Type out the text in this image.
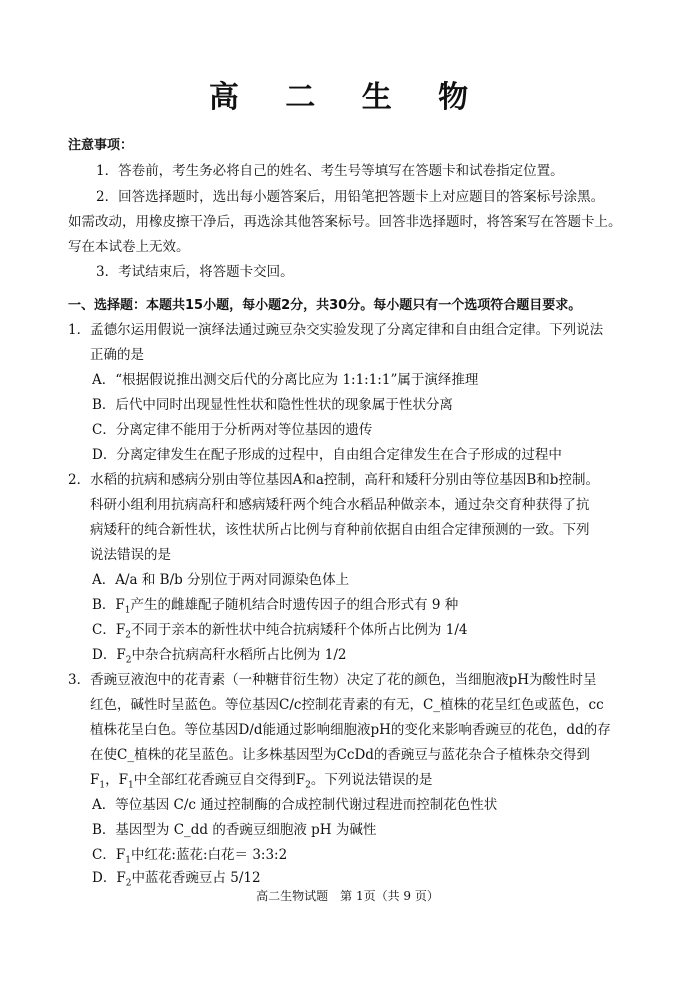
高 二 生 物
注意事项：
1．答卷前，考生务必将自己的姓名、考生号等填写在答题卡和试卷指定位置。
2．回答选择题时，选出每小题答案后，用铅笔把答题卡上对应题目的答案标号涂黑。
如需改动，用橡皮擦干净后，再选涂其他答案标号。回答非选择题时，将答案写在答题卡上。
写在本试卷上无效。
3．考试结束后，将答题卡交回。
一、选择题：本题共15小题，每小题2分，共30分。每小题只有一个选项符合题目要求。
1．孟德尔运用假说一演绎法通过豌豆杂交实验发现了分离定律和自由组合定律。下列说法
正确的是
A．“根据假说推出测交后代的分离比应为 1:1:1:1”属于演绎推理
B．后代中同时出现显性性状和隐性性状的现象属于性状分离
C．分离定律不能用于分析两对等位基因的遗传
D．分离定律发生在配子形成的过程中，自由组合定律发生在合子形成的过程中
2．水稻的抗病和感病分别由等位基因A和a控制，高秆和矮秆分别由等位基因B和b控制。
科研小组利用抗病高秆和感病矮秆两个纯合水稻品种做亲本，通过杂交育种获得了抗
病矮秆的纯合新性状，该性状所占比例与育种前依据自由组合定律预测的一致。下列
说法错误的是
A．A/a 和 B/b 分别位于两对同源染色体上
B．$F_1$产生的雌雄配子随机结合时遗传因子的组合形式有 9 种
C．$F_2$不同于亲本的新性状中纯合抗病矮秆个体所占比例为 1/4
D．$F_2$中杂合抗病高秆水稻所占比例为 1/2
3．香豌豆液泡中的花青素（一种糖苷衍生物）决定了花的颜色，当细胞液pH为酸性时呈
红色，碱性时呈蓝色。等位基因C/c控制花青素的有无，C_植株的花呈红色或蓝色，cc
植株花呈白色。等位基因D/d能通过影响细胞液pH的变化来影响香豌豆的花色，dd的存
在使C_植株的花呈蓝色。让多株基因型为CcDd的香豌豆与蓝花杂合子植株杂交得到
$F_1$，$F_1$中全部红花香豌豆自交得到$F_2$。下列说法错误的是
A．等位基因 C/c 通过控制酶的合成控制代谢过程进而控制花色性状
B．基因型为 C_dd 的香豌豆细胞液 pH 为碱性
C．$F_1$中红花:蓝花:白花＝ 3:3:2
D．$F_2$中蓝花香豌豆占 5/12
高二生物试题　第 1页（共 9 页）
